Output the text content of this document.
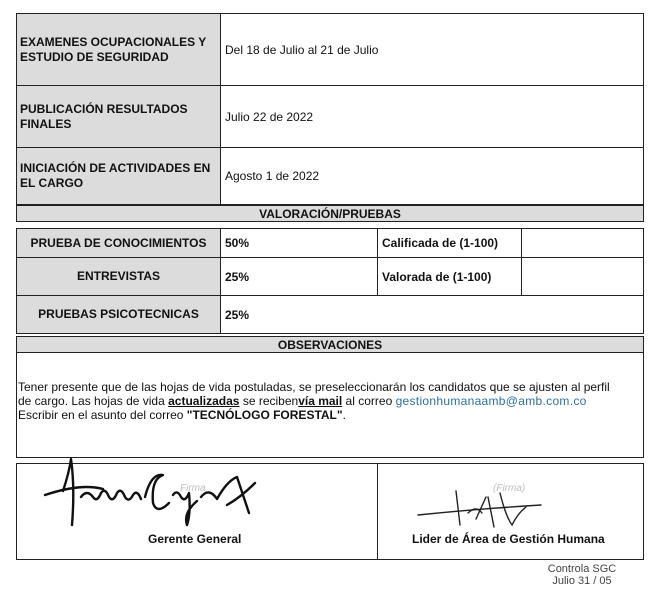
EXAMENES OCUPACIONALES Y ESTUDIO DE SEGURIDAD	Del 18 de Julio al 21 de Julio
PUBLICACIÓN RESULTADOS FINALES	Julio 22 de 2022
INICIACIÓN DE ACTIVIDADES EN EL CARGO	Agosto 1 de 2022
VALORACIÓN/PRUEBAS
PRUEBA DE CONOCIMIENTOS 50%	Calificada de (1-100)
ENTREVISTAS	25%	Valorada de (1-100)
PRUEBAS PSICOTECNICAS 25%
OBSERVACIONES
Tener presente que de las hojas de vida postuladas, se preseleccionarán los candidatos que se ajusten al perfil
de cargo. Las hojas de vida actualizadas se recibenvía mail al correo gestionhumanaamb@amb.com.co
Escribir en el asunto del correo "TECNÓLOGO FORESTAL".
Firma	(Firma)
Gerente General	Lider de Área de Gestión Humana
Controla SGC
Julio 31 / 05
